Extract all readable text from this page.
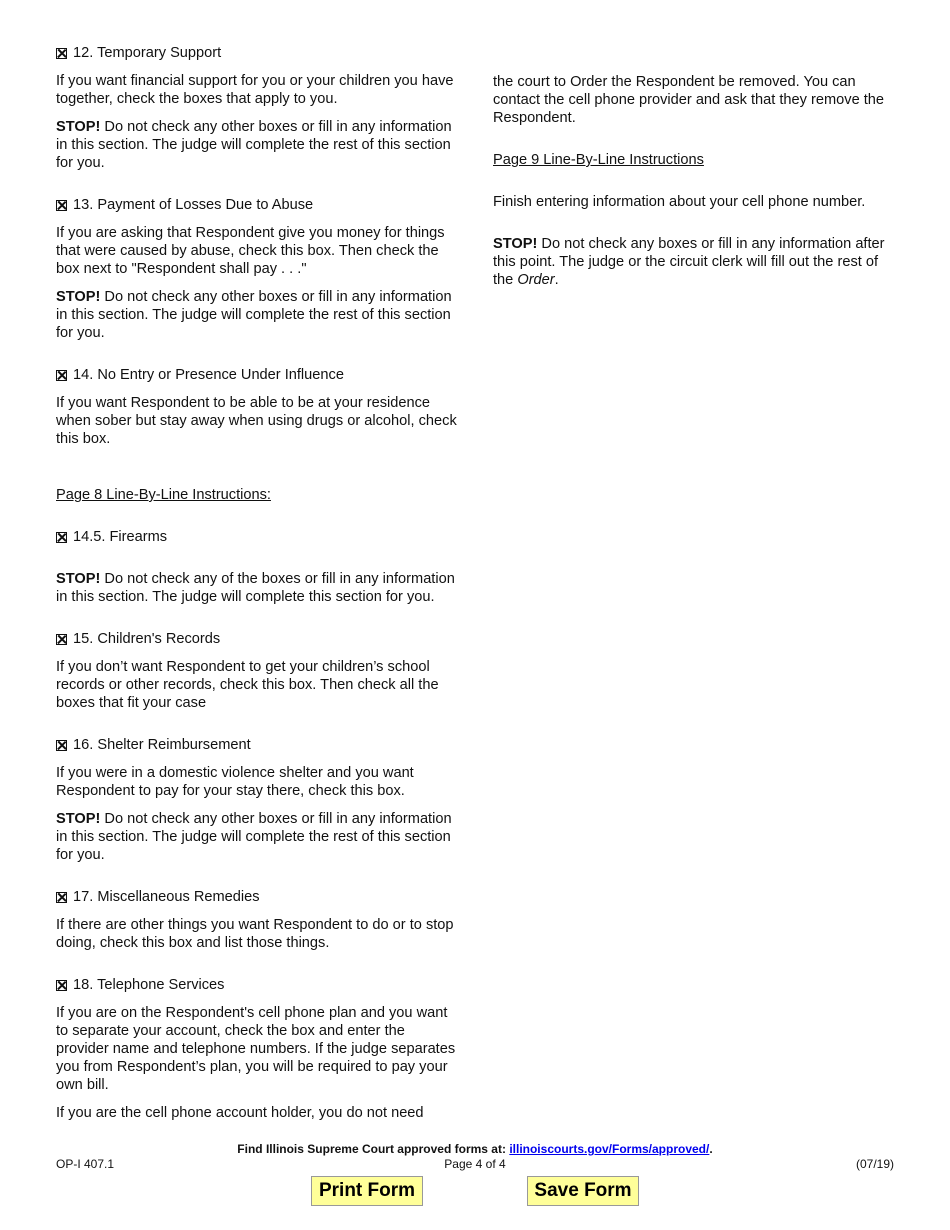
12. Temporary Support

If you want financial support for you or your children you have together, check the boxes that apply to you.

STOP! Do not check any other boxes or fill in any information in this section. The judge will complete the rest of this section for you.

13. Payment of Losses Due to Abuse

If you are asking that Respondent give you money for things that were caused by abuse, check this box. Then check the box next to "Respondent shall pay . . ."

STOP! Do not check any other boxes or fill in any information in this section. The judge will complete the rest of this section for you.

14. No Entry or Presence Under Influence

If you want Respondent to be able to be at your residence when sober but stay away when using drugs or alcohol, check this box.

Page 8 Line-By-Line Instructions:

14.5. Firearms

STOP! Do not check any of the boxes or fill in any information in this section. The judge will complete this section for you.

15. Children's Records

If you don’t want Respondent to get your children’s school records or other records, check this box. Then check all the boxes that fit your case

16. Shelter Reimbursement

If you were in a domestic violence shelter and you want Respondent to pay for your stay there, check this box.

STOP! Do not check any other boxes or fill in any information in this section. The judge will complete the rest of this section for you.

17. Miscellaneous Remedies

If there are other things you want Respondent to do or to stop doing, check this box and list those things.

18. Telephone Services

If you are on the Respondent's cell phone plan and you want to separate your account, check the box and enter the provider name and telephone numbers. If the judge separates you from Respondent’s plan, you will be required to pay your own bill.

If you are the cell phone account holder, you do not need

the court to Order the Respondent be removed. You can contact the cell phone provider and ask that they remove the Respondent.

Page 9 Line-By-Line Instructions

Finish entering information about your cell phone number.

STOP! Do not check any boxes or fill in any information after this point. The judge or the circuit clerk will fill out the rest of the Order.

Find Illinois Supreme Court approved forms at: illinoiscourts.gov/Forms/approved/.
OP-I 407.1	Page 4 of 4	(07/19)
Print Form	Save Form
